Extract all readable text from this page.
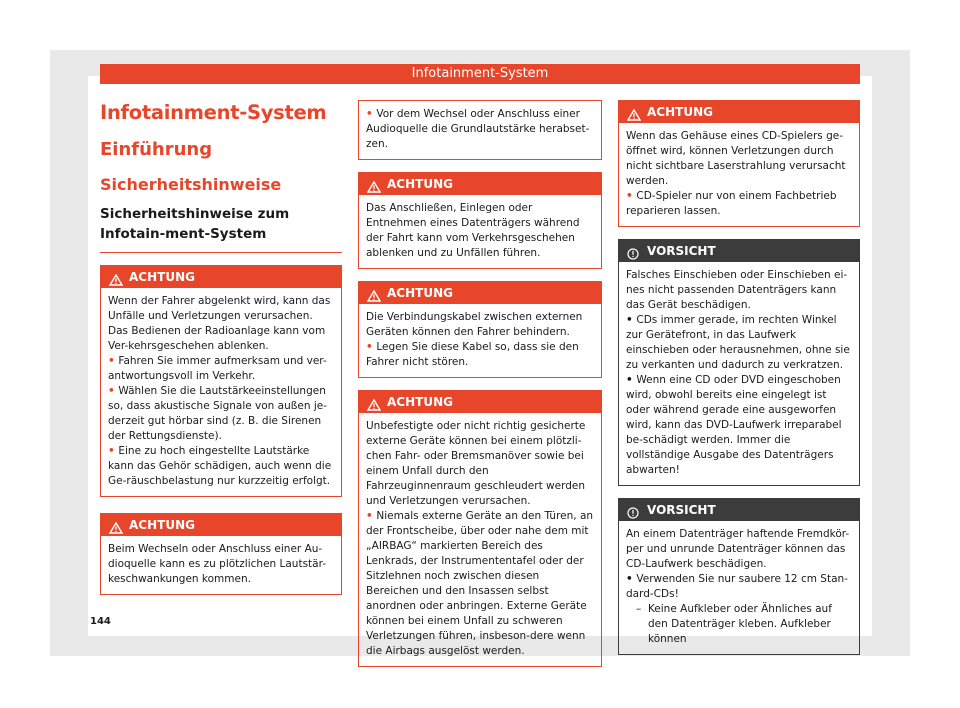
Infotainment-System
Infotainment-System
Einführung
Sicherheitshinweise
Sicherheitshinweise zum Infotain-ment-System
ACHTUNG

Wenn der Fahrer abgelenkt wird, kann das Unfälle und Verletzungen verursachen. Das Bedienen der Radioanlage kann vom Ver-kehrsgeschehen ablenken.

• Fahren Sie immer aufmerksam und ver-antwortungsvoll im Verkehr.

• Wählen Sie die Lautstärkeeinstellungen so, dass akustische Signale von außen je-derzeit gut hörbar sind (z. B. die Sirenen der Rettungsdienste).

• Eine zu hoch eingestellte Lautstärke kann das Gehör schädigen, auch wenn die Ge-räuschbelastung nur kurzzeitig erfolgt.

ACHTUNG

Beim Wechseln oder Anschluss einer Au-dioquelle kann es zu plötzlichen Lautstär-keschwankungen kommen.

• Vor dem Wechsel oder Anschluss einer Audioquelle die Grundlautstärke herabset-zen.

ACHTUNG

Das Anschließen, Einlegen oder Entnehmen eines Datenträgers während der Fahrt kann vom Verkehrsgeschehen ablenken und zu Unfällen führen.

ACHTUNG

Die Verbindungskabel zwischen externen Geräten können den Fahrer behindern.

• Legen Sie diese Kabel so, dass sie den Fahrer nicht stören.

ACHTUNG

Unbefestigte oder nicht richtig gesicherte externe Geräte können bei einem plötzli-chen Fahr- oder Bremsmanöver sowie bei einem Unfall durch den Fahrzeuginnenraum geschleudert werden und Verletzungen verursachen.

• Niemals externe Geräte an den Türen, an der Frontscheibe, über oder nahe dem mit „AIRBAG“ markierten Bereich des Lenkrads, der Instrumententafel oder der Sitzlehnen noch zwischen diesen Bereichen und den Insassen selbst anordnen oder anbringen. Externe Geräte können bei einem Unfall zu schweren Verletzungen führen, insbeson-dere wenn die Airbags ausgelöst werden.

ACHTUNG

Wenn das Gehäuse eines CD-Spielers ge-öffnet wird, können Verletzungen durch nicht sichtbare Laserstrahlung verursacht werden.

• CD-Spieler nur von einem Fachbetrieb reparieren lassen.

VORSICHT

Falsches Einschieben oder Einschieben ei-nes nicht passenden Datenträgers kann das Gerät beschädigen.

• CDs immer gerade, im rechten Winkel zur Gerätefront, in das Laufwerk einschieben oder herausnehmen, ohne sie zu verkanten und dadurch zu verkratzen.

• Wenn eine CD oder DVD eingeschoben wird, obwohl bereits eine eingelegt ist oder während gerade eine ausgeworfen wird, kann das DVD-Laufwerk irreparabel be-schädigt werden. Immer die vollständige Ausgabe des Datenträgers abwarten!

VORSICHT

An einem Datenträger haftende Fremdkör-per und unrunde Datenträger können das CD-Laufwerk beschädigen.

• Verwenden Sie nur saubere 12 cm Stan-dard-CDs!

–  Keine Aufkleber oder Ähnliches auf den Datenträger kleben. Aufkleber können

144
